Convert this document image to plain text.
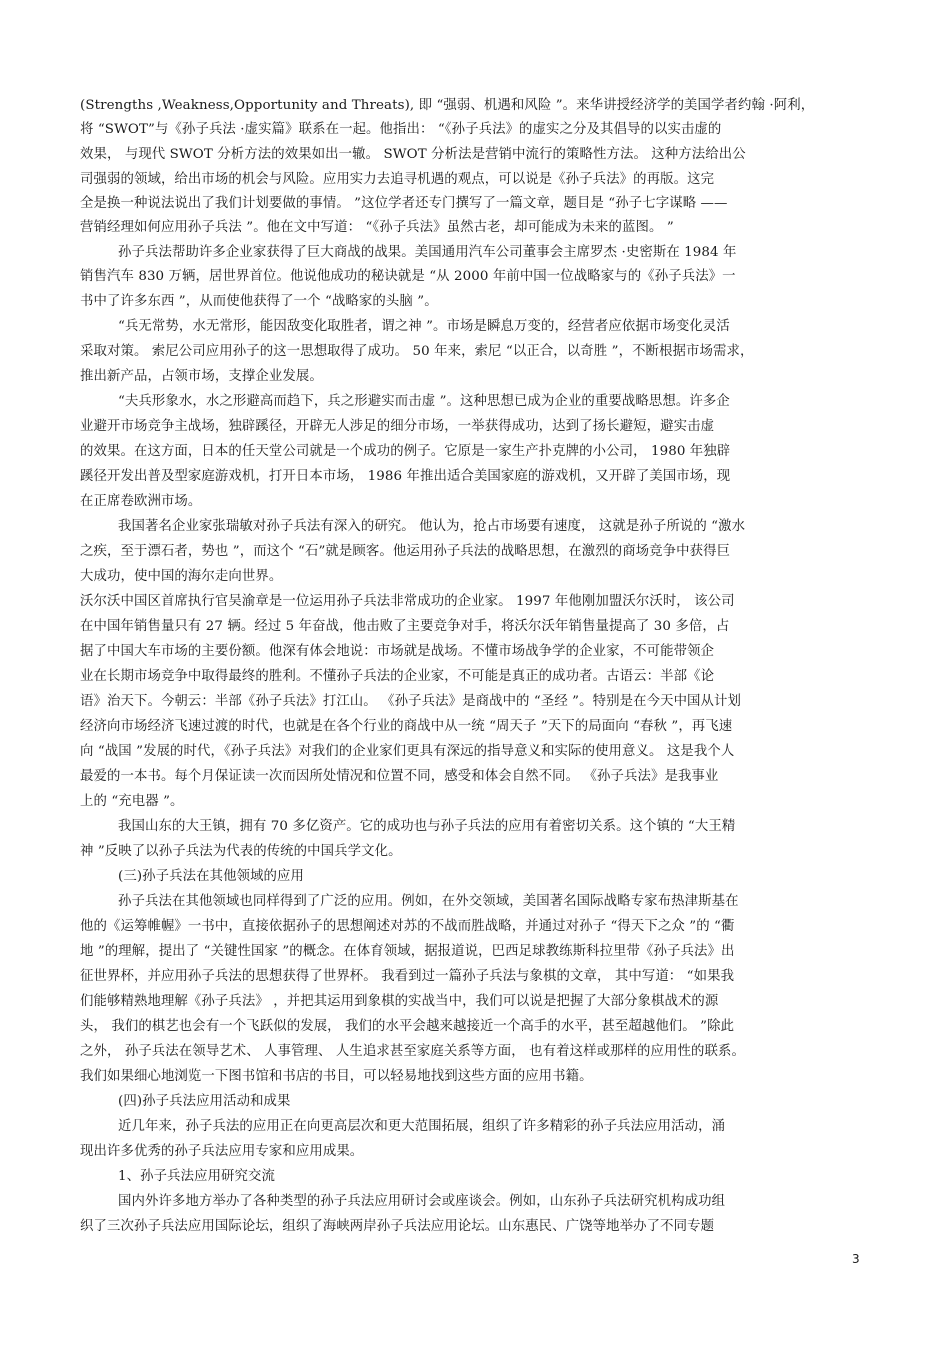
(Strengths ,Weakness,Opportunity and Threats), 即 “强弱、机遇和风险 ”。来华讲授经济学的美国学者约翰 ·阿利，
将 “SWOT”与《孙子兵法 ·虚实篇》联系在一起。他指出： “《孙子兵法》的虚实之分及其倡导的以实击虚的
效果， 与现代 SWOT 分析方法的效果如出一辙。 SWOT 分析法是营销中流行的策略性方法。 这种方法给出公
司强弱的领域，给出市场的机会与风险。应用实力去追寻机遇的观点，可以说是《孙子兵法》的再版。这完
全是换一种说法说出了我们计划要做的事情。 ”这位学者还专门撰写了一篇文章，题目是 “孙子七字谋略 ——
营销经理如何应用孙子兵法 ”。他在文中写道： “《孙子兵法》虽然古老，却可能成为未来的蓝图。 ”
孙子兵法帮助许多企业家获得了巨大商战的战果。美国通用汽车公司董事会主席罗杰 ·史密斯在 1984 年
销售汽车 830 万辆，居世界首位。他说他成功的秘诀就是 “从 2000 年前中国一位战略家与的《孙子兵法》一
书中了许多东西 ”，从而使他获得了一个 “战略家的头脑 ”。
“兵无常势，水无常形，能因敌变化取胜者，谓之神 ”。市场是瞬息万变的，经营者应依据市场变化灵活
采取对策。 索尼公司应用孙子的这一思想取得了成功。 50 年来，索尼 “以正合，以奇胜 ”，不断根据市场需求，
推出新产品，占领市场，支撑企业发展。
“夫兵形象水，水之形避高而趋下，兵之形避实而击虚 ”。这种思想已成为企业的重要战略思想。许多企
业避开市场竞争主战场，独辟蹊径，开辟无人涉足的细分市场，一举获得成功，达到了扬长避短，避实击虚
的效果。在这方面，日本的任天堂公司就是一个成功的例子。它原是一家生产扑克牌的小公司， 1980 年独辟
蹊径开发出普及型家庭游戏机，打开日本市场， 1986 年推出适合美国家庭的游戏机，又开辟了美国市场，现
在正席卷欧洲市场。
我国著名企业家张瑞敏对孙子兵法有深入的研究。 他认为，抢占市场要有速度， 这就是孙子所说的 “激水
之疾，至于漂石者，势也 ”，而这个 “石”就是顾客。他运用孙子兵法的战略思想，在激烈的商场竞争中获得巨
大成功，使中国的海尔走向世界。
沃尔沃中国区首席执行官吴渝章是一位运用孙子兵法非常成功的企业家。 1997 年他刚加盟沃尔沃时， 该公司
在中国年销售量只有 27 辆。经过 5 年奋战，他击败了主要竞争对手，将沃尔沃年销售量提高了 30 多倍，占
据了中国大车市场的主要份额。他深有体会地说：市场就是战场。不懂市场战争学的企业家，不可能带领企
业在长期市场竞争中取得最终的胜利。不懂孙子兵法的企业家，不可能是真正的成功者。古语云：半部《论
语》治天下。今朝云：半部《孙子兵法》打江山。 《孙子兵法》是商战中的 “圣经 ”。特别是在今天中国从计划
经济向市场经济飞速过渡的时代，也就是在各个行业的商战中从一统 “周天子 ”天下的局面向 “春秋 ”，再飞速
向 “战国 ”发展的时代，《孙子兵法》对我们的企业家们更具有深远的指导意义和实际的使用意义。 这是我个人
最爱的一本书。每个月保证读一次而因所处情况和位置不同，感受和体会自然不同。 《孙子兵法》是我事业
上的 “充电器 ”。
我国山东的大王镇，拥有 70 多亿资产。它的成功也与孙子兵法的应用有着密切关系。这个镇的 “大王精
神 ”反映了以孙子兵法为代表的传统的中国兵学文化。
(三)孙子兵法在其他领域的应用
孙子兵法在其他领域也同样得到了广泛的应用。例如，在外交领域，美国著名国际战略专家布热津斯基在
他的《运筹帷幄》一书中，直接依据孙子的思想阐述对苏的不战而胜战略，并通过对孙子 “得天下之众 ”的 “衢
地 ”的理解，提出了 “关键性国家 ”的概念。在体育领域，据报道说，巴西足球教练斯科拉里带《孙子兵法》出
征世界杯，并应用孙子兵法的思想获得了世界杯。 我看到过一篇孙子兵法与象棋的文章， 其中写道： “如果我
们能够精熟地理解《孙子兵法》 ，并把其运用到象棋的实战当中，我们可以说是把握了大部分象棋战术的源
头， 我们的棋艺也会有一个飞跃似的发展， 我们的水平会越来越接近一个高手的水平，甚至超越他们。 ”除此
之外， 孙子兵法在领导艺术、 人事管理、 人生追求甚至家庭关系等方面， 也有着这样或那样的应用性的联系。
我们如果细心地浏览一下图书馆和书店的书目，可以轻易地找到这些方面的应用书籍。
(四)孙子兵法应用活动和成果
近几年来，孙子兵法的应用正在向更高层次和更大范围拓展，组织了许多精彩的孙子兵法应用活动，涌
现出许多优秀的孙子兵法应用专家和应用成果。
1、孙子兵法应用研究交流
国内外许多地方举办了各种类型的孙子兵法应用研讨会或座谈会。例如，山东孙子兵法研究机构成功组
织了三次孙子兵法应用国际论坛，组织了海峡两岸孙子兵法应用论坛。山东惠民、广饶等地举办了不同专题
3
